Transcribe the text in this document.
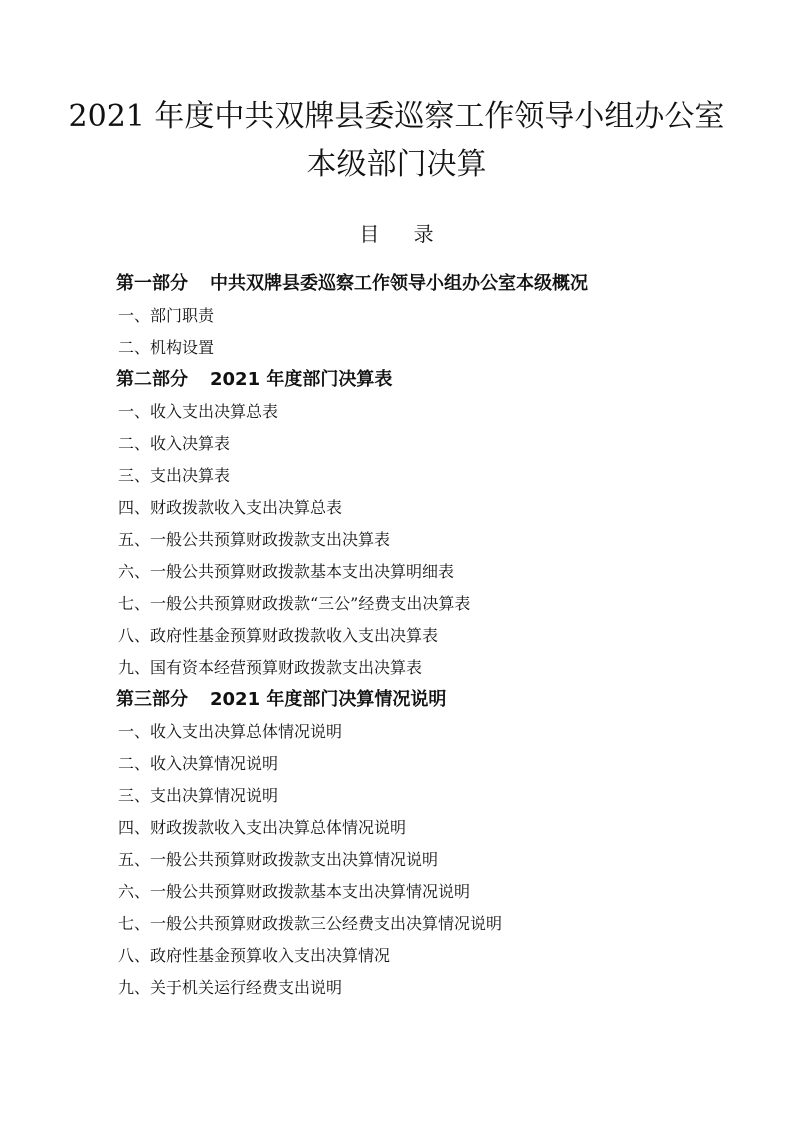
2021 年度中共双牌县委巡察工作领导小组办公室
本级部门决算
目 录
第一部分 中共双牌县委巡察工作领导小组办公室本级概况
一、部门职责
二、机构设置
第二部分 2021 年度部门决算表
一、收入支出决算总表
二、收入决算表
三、支出决算表
四、财政拨款收入支出决算总表
五、一般公共预算财政拨款支出决算表
六、一般公共预算财政拨款基本支出决算明细表
七、一般公共预算财政拨款“三公”经费支出决算表
八、政府性基金预算财政拨款收入支出决算表
九、国有资本经营预算财政拨款支出决算表
第三部分 2021 年度部门决算情况说明
一、收入支出决算总体情况说明
二、收入决算情况说明
三、支出决算情况说明
四、财政拨款收入支出决算总体情况说明
五、一般公共预算财政拨款支出决算情况说明
六、一般公共预算财政拨款基本支出决算情况说明
七、一般公共预算财政拨款三公经费支出决算情况说明
八、政府性基金预算收入支出决算情况
九、关于机关运行经费支出说明
